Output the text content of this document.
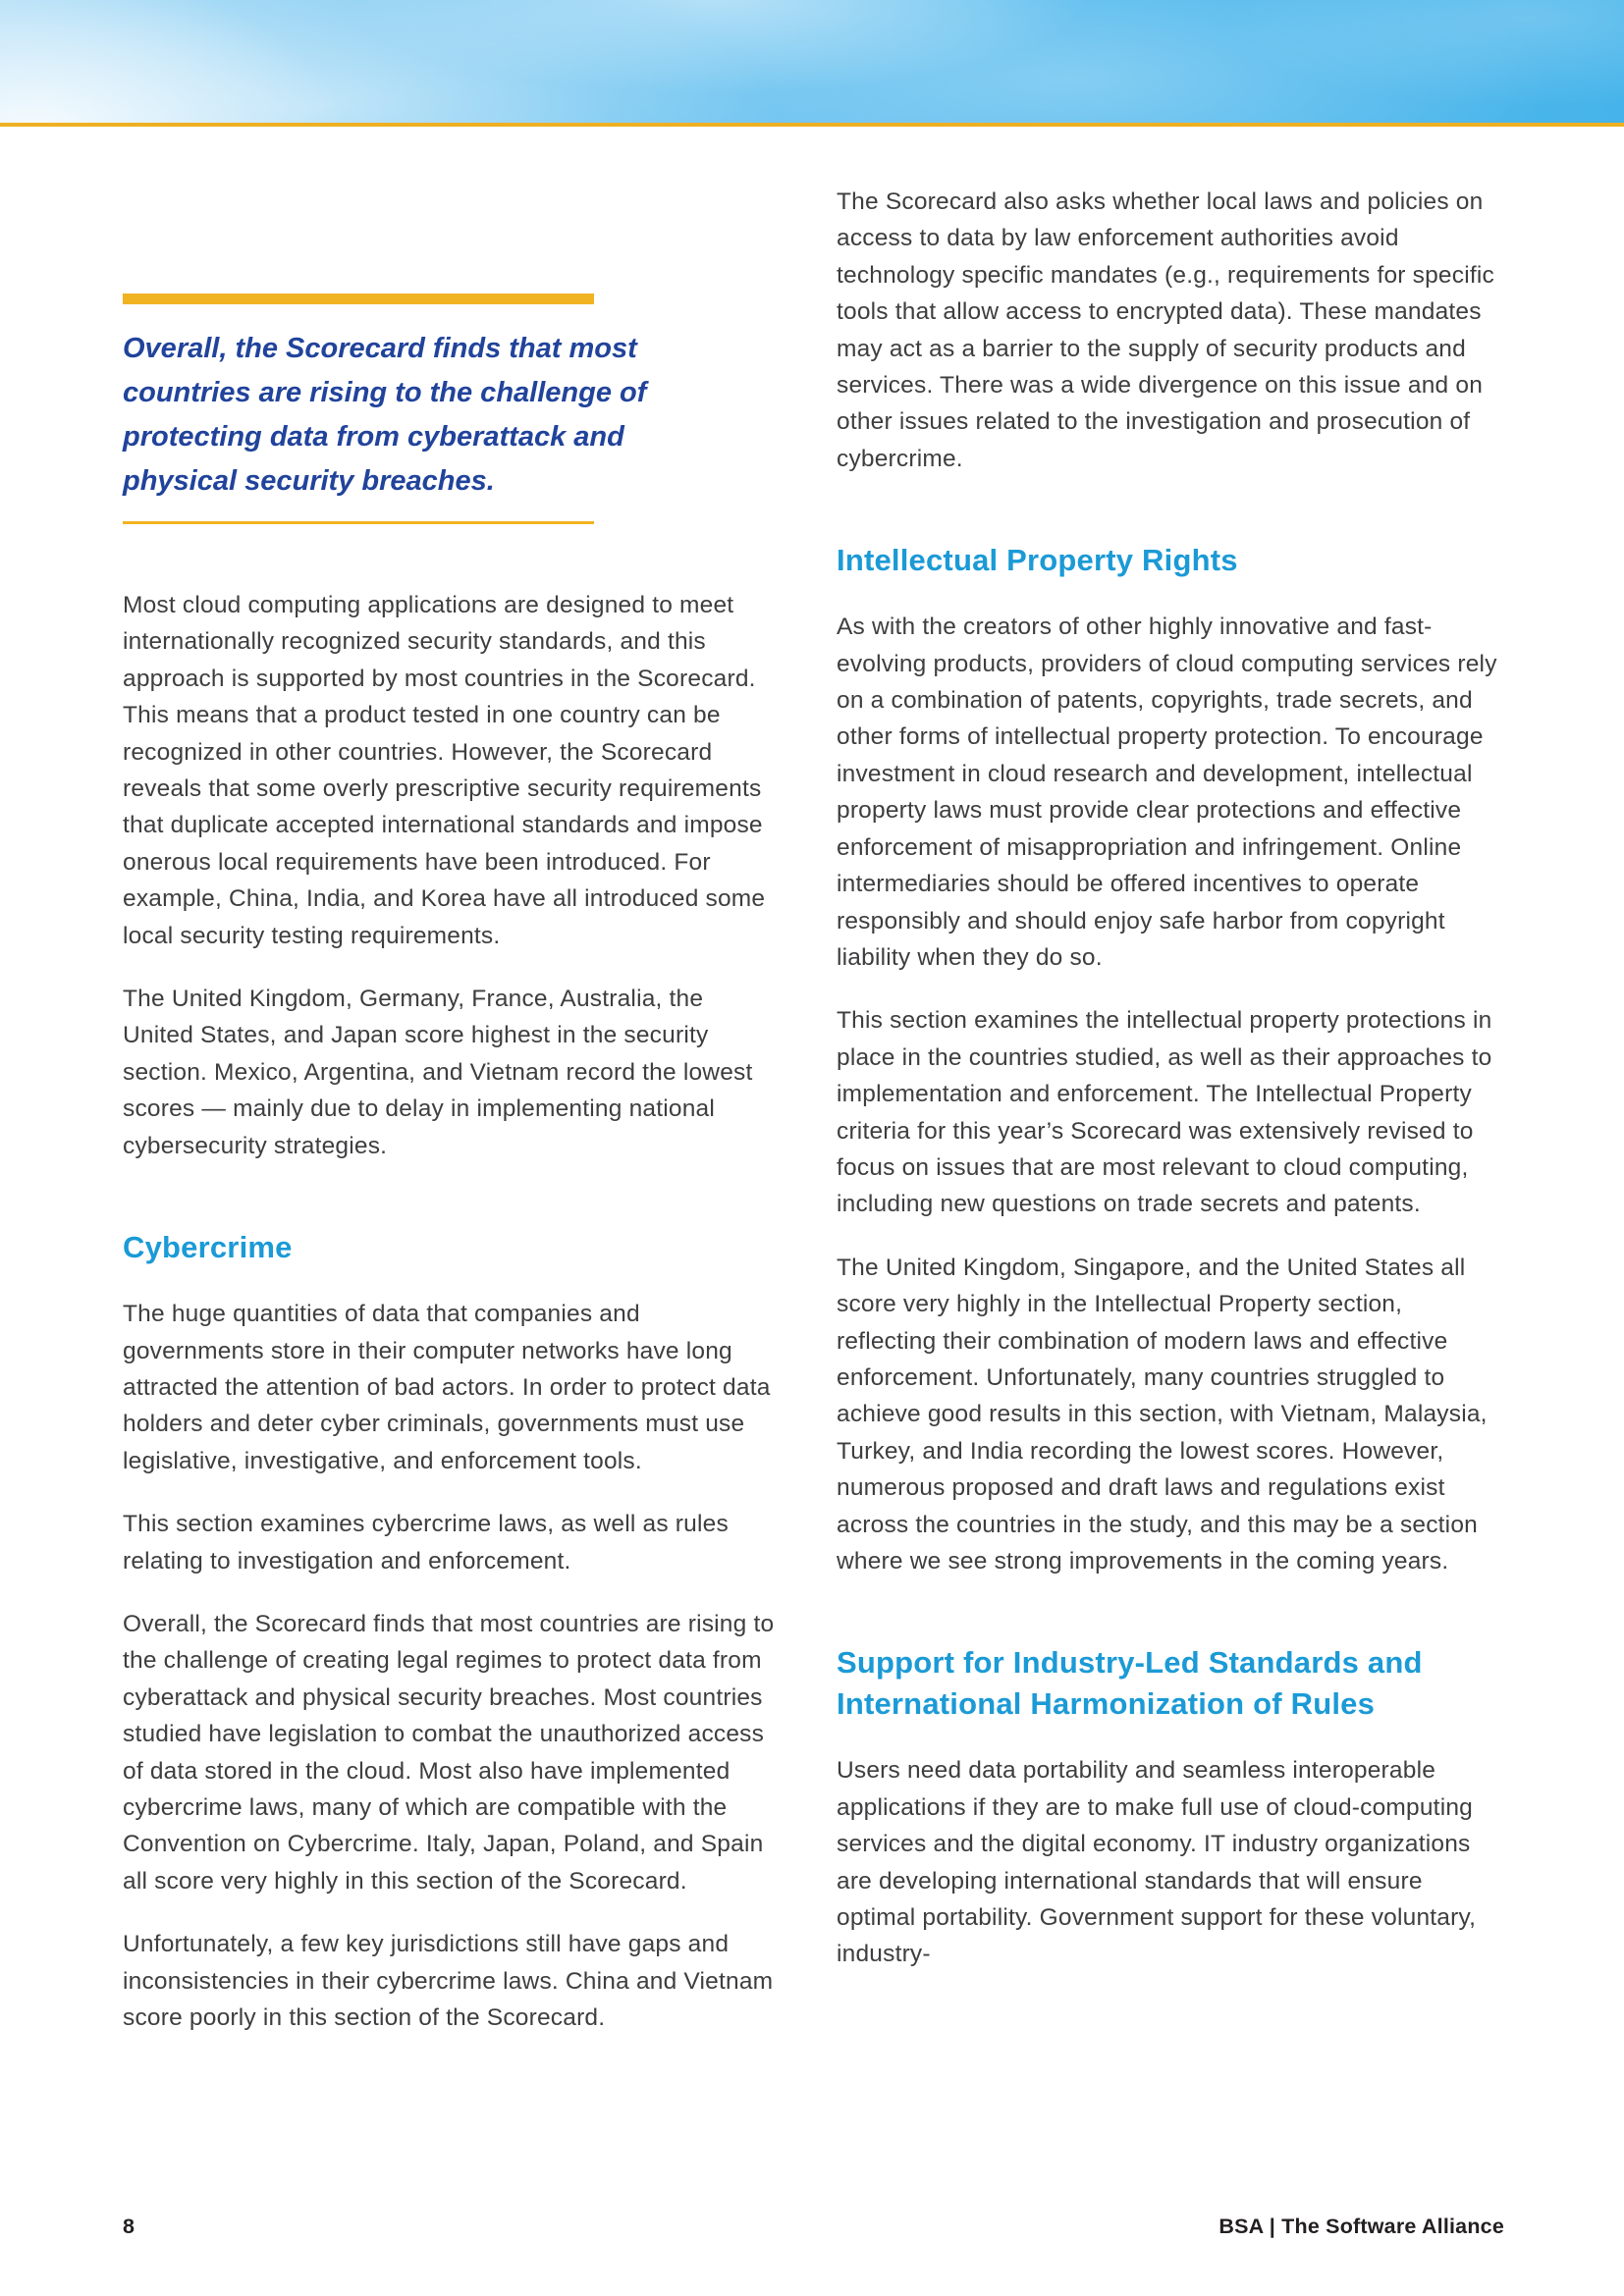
Overall, the Scorecard finds that most countries are rising to the challenge of protecting data from cyberattack and physical security breaches.

Most cloud computing applications are designed to meet internationally recognized security standards, and this approach is supported by most countries in the Scorecard. This means that a product tested in one country can be recognized in other countries. However, the Scorecard reveals that some overly prescriptive security requirements that duplicate accepted international standards and impose onerous local requirements have been introduced. For example, China, India, and Korea have all introduced some local security testing requirements.

The United Kingdom, Germany, France, Australia, the United States, and Japan score highest in the security section. Mexico, Argentina, and Vietnam record the lowest scores — mainly due to delay in implementing national cybersecurity strategies.

Cybercrime

The huge quantities of data that companies and governments store in their computer networks have long attracted the attention of bad actors. In order to protect data holders and deter cyber criminals, governments must use legislative, investigative, and enforcement tools.

This section examines cybercrime laws, as well as rules relating to investigation and enforcement.

Overall, the Scorecard finds that most countries are rising to the challenge of creating legal regimes to protect data from cyberattack and physical security breaches. Most countries studied have legislation to combat the unauthorized access of data stored in the cloud. Most also have implemented cybercrime laws, many of which are compatible with the Convention on Cybercrime. Italy, Japan, Poland, and Spain all score very highly in this section of the Scorecard.

Unfortunately, a few key jurisdictions still have gaps and inconsistencies in their cybercrime laws. China and Vietnam score poorly in this section of the Scorecard.

The Scorecard also asks whether local laws and policies on access to data by law enforcement authorities avoid technology specific mandates (e.g., requirements for specific tools that allow access to encrypted data). These mandates may act as a barrier to the supply of security products and services. There was a wide divergence on this issue and on other issues related to the investigation and prosecution of cybercrime.

Intellectual Property Rights

As with the creators of other highly innovative and fast-evolving products, providers of cloud computing services rely on a combination of patents, copyrights, trade secrets, and other forms of intellectual property protection. To encourage investment in cloud research and development, intellectual property laws must provide clear protections and effective enforcement of misappropriation and infringement. Online intermediaries should be offered incentives to operate responsibly and should enjoy safe harbor from copyright liability when they do so.

This section examines the intellectual property protections in place in the countries studied, as well as their approaches to implementation and enforcement. The Intellectual Property criteria for this year’s Scorecard was extensively revised to focus on issues that are most relevant to cloud computing, including new questions on trade secrets and patents.

The United Kingdom, Singapore, and the United States all score very highly in the Intellectual Property section, reflecting their combination of modern laws and effective enforcement. Unfortunately, many countries struggled to achieve good results in this section, with Vietnam, Malaysia, Turkey, and India recording the lowest scores. However, numerous proposed and draft laws and regulations exist across the countries in the study, and this may be a section where we see strong improvements in the coming years.

Support for Industry-Led Standards and International Harmonization of Rules

Users need data portability and seamless interoperable applications if they are to make full use of cloud-computing services and the digital economy. IT industry organizations are developing international standards that will ensure optimal portability. Government support for these voluntary, industry-

8	BSA | The Software Alliance
